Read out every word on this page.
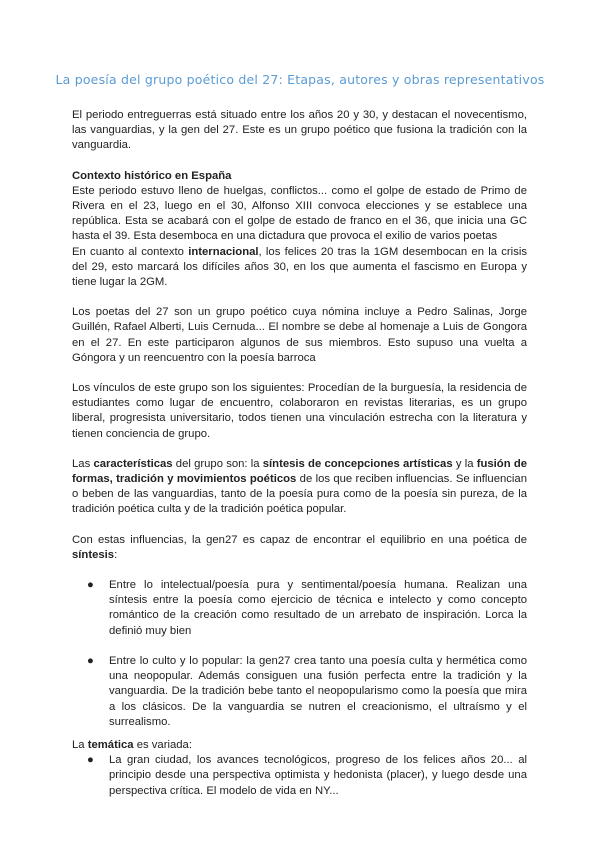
La poesía del grupo poético del 27: Etapas, autores y obras representativos

El periodo entreguerras está situado entre los años 20 y 30, y destacan el novecentismo, las vanguardias, y la gen del 27. Este es un grupo poético que fusiona la tradición con la vanguardia.

Contexto histórico en España

Este periodo estuvo lleno de huelgas, conflictos... como el golpe de estado de Primo de Rivera en el 23, luego en el 30, Alfonso XIII convoca elecciones y se establece una república. Esta se acabará con el golpe de estado de franco en el 36, que inicia una GC hasta el 39. Esta desemboca en una dictadura que provoca el exilio de varios poetas

En cuanto al contexto internacional, los felices 20 tras la 1GM desembocan en la crisis del 29, esto marcará los difíciles años 30, en los que aumenta el fascismo en Europa y tiene lugar la 2GM.

Los poetas del 27 son un grupo poético cuya nómina incluye a Pedro Salinas, Jorge Guillén, Rafael Alberti, Luis Cernuda... El nombre se debe al homenaje a Luis de Gongora en el 27. En este participaron algunos de sus miembros. Esto supuso una vuelta a Góngora y un reencuentro con la poesía barroca

Los vínculos de este grupo son los siguientes: Procedían de la burguesía, la residencia de estudiantes como lugar de encuentro, colaboraron en revistas literarias, es un grupo liberal, progresista universitario, todos tienen una vinculación estrecha con la literatura y tienen conciencia de grupo.

Las características del grupo son: la síntesis de concepciones artísticas y la fusión de formas, tradición y movimientos poéticos de los que reciben influencias. Se influencian o beben de las vanguardias, tanto de la poesía pura como de la poesía sin pureza, de la tradición poética culta y de la tradición poética popular.

Con estas influencias, la gen27 es capaz de encontrar el equilibrio en una poética de síntesis:

● Entre lo intelectual/poesía pura y sentimental/poesía humana. Realizan una síntesis entre la poesía como ejercicio de técnica e intelecto y como concepto romántico de la creación como resultado de un arrebato de inspiración. Lorca la definió muy bien
● Entre lo culto y lo popular: la gen27 crea tanto una poesía culta y hermética como una neopopular. Además consiguen una fusión perfecta entre la tradición y la vanguardia. De la tradición bebe tanto el neopopularismo como la poesía que mira a los clásicos. De la vanguardia se nutren el creacionismo, el ultraísmo y el surrealismo.

La temática es variada:

● La gran ciudad, los avances tecnológicos, progreso de los felices años 20... al principio desde una perspectiva optimista y hedonista (placer), y luego desde una perspectiva crítica. El modelo de vida en NY...
